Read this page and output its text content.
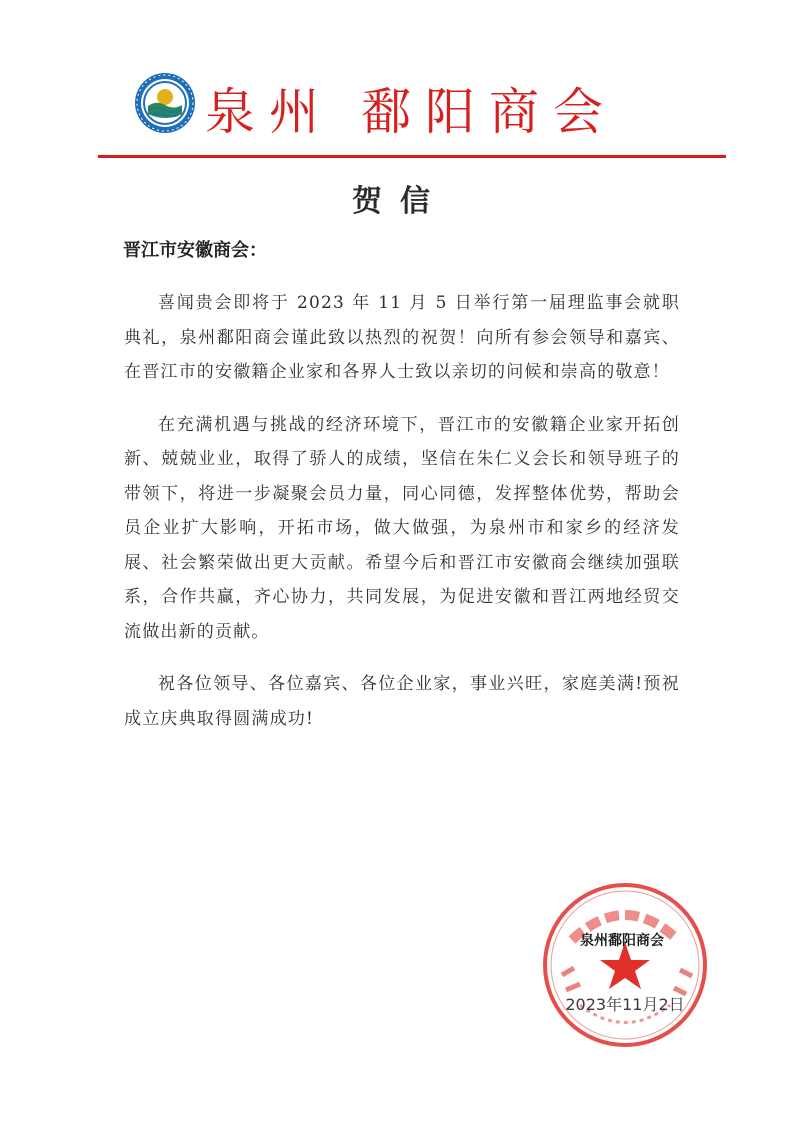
泉州 鄱阳商会
贺信
晋江市安徽商会：

喜闻贵会即将于 2023 年 11 月 5 日举行第一届理监事会就职典礼，泉州鄱阳商会谨此致以热烈的祝贺！向所有参会领导和嘉宾、在晋江市的安徽籍企业家和各界人士致以亲切的问候和崇高的敬意！

在充满机遇与挑战的经济环境下，晋江市的安徽籍企业家开拓创新、兢兢业业，取得了骄人的成绩，坚信在朱仁义会长和领导班子的带领下，将进一步凝聚会员力量，同心同德，发挥整体优势，帮助会员企业扩大影响，开拓市场，做大做强，为泉州市和家乡的经济发展、社会繁荣做出更大贡献。希望今后和晋江市安徽商会继续加强联系，合作共赢，齐心协力，共同发展，为促进安徽和晋江两地经贸交流做出新的贡献。

祝各位领导、各位嘉宾、各位企业家，事业兴旺，家庭美满!预祝成立庆典取得圆满成功!

泉州鄱阳商会
2023年11月2日
